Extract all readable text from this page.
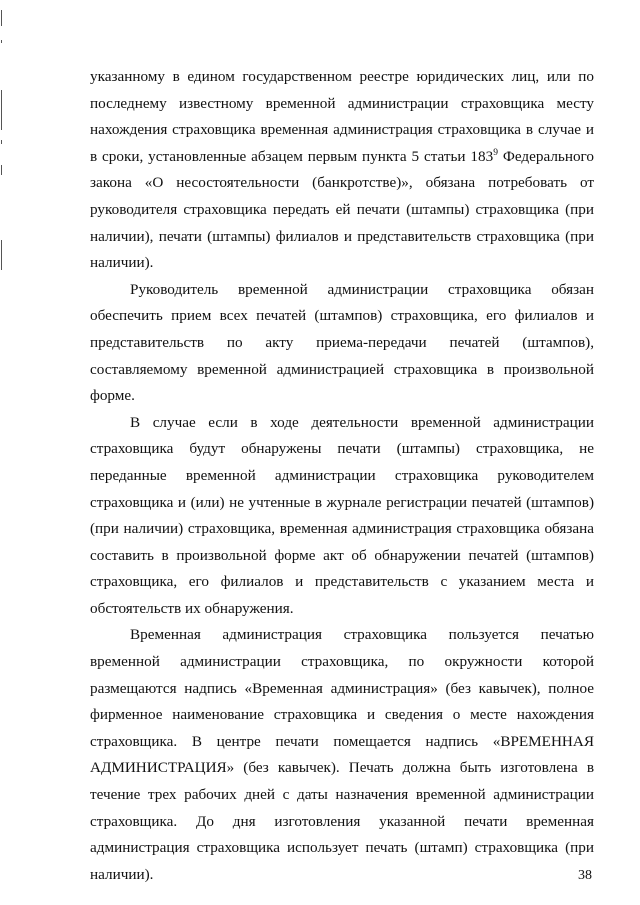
указанному в едином государственном реестре юридических лиц, или по последнему известному временной администрации страховщика месту нахождения страховщика временная администрация страховщика в случае и в сроки, установленные абзацем первым пункта 5 статьи $183^9$ Федерального закона «О несостоятельности (банкротстве)», обязана потребовать от руководителя страховщика передать ей печати (штампы) страховщика (при наличии), печати (штампы) филиалов и представительств страховщика (при наличии).

Руководитель временной администрации страховщика обязан обеспечить прием всех печатей (штампов) страховщика, его филиалов и представительств по акту приема-передачи печатей (штампов), составляемому временной администрацией страховщика в произвольной форме.

В случае если в ходе деятельности временной администрации страховщика будут обнаружены печати (штампы) страховщика, не переданные временной администрации страховщика руководителем страховщика и (или) не учтенные в журнале регистрации печатей (штампов) (при наличии) страховщика, временная администрация страховщика обязана составить в произвольной форме акт об обнаружении печатей (штампов) страховщика, его филиалов и представительств с указанием места и обстоятельств их обнаружения.

Временная администрация страховщика пользуется печатью временной администрации страховщика, по окружности которой размещаются надпись «Временная администрация» (без кавычек), полное фирменное наименование страховщика и сведения о месте нахождения страховщика. В центре печати помещается надпись «ВРЕМЕННАЯ АДМИНИСТРАЦИЯ» (без кавычек). Печать должна быть изготовлена в течение трех рабочих дней с даты назначения временной администрации страховщика. До дня изготовления указанной печати временная администрация страховщика использует печать (штамп) страховщика (при наличии).	38
